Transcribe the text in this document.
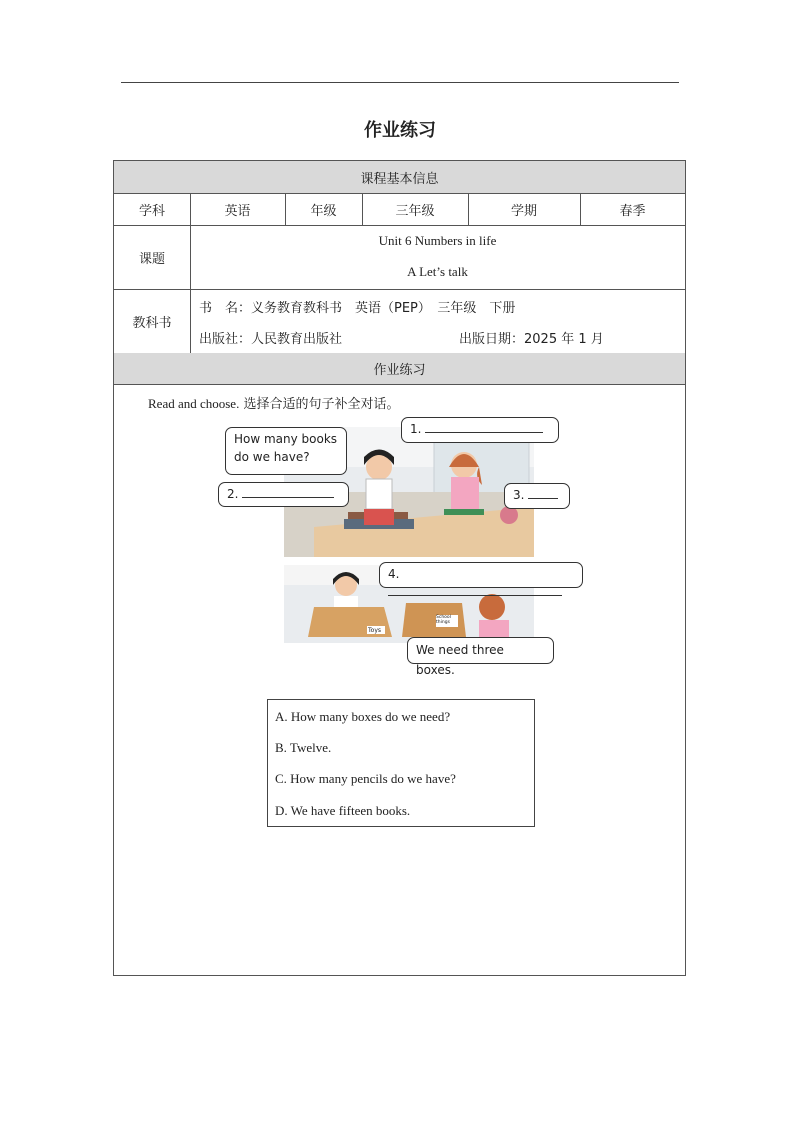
作业练习
课程基本信息
学科	英语	年级	三年级	学期	春季
课题
Unit 6 Numbers in life
A Let’s talk
教科书
书　名：义务教育教科书　英语（PEP）　三年级　下册
出版社：人民教育出版社	出版日期：2025 年 1 月
作业练习
Read and choose. 选择合适的句子补全对话。
How many books
do we have?
1.
2.	3.
Toys
School things
4.
We need three boxes.
A. How many boxes do we need?
B. Twelve.
C. How many pencils do we have?
D. We have fifteen books.
